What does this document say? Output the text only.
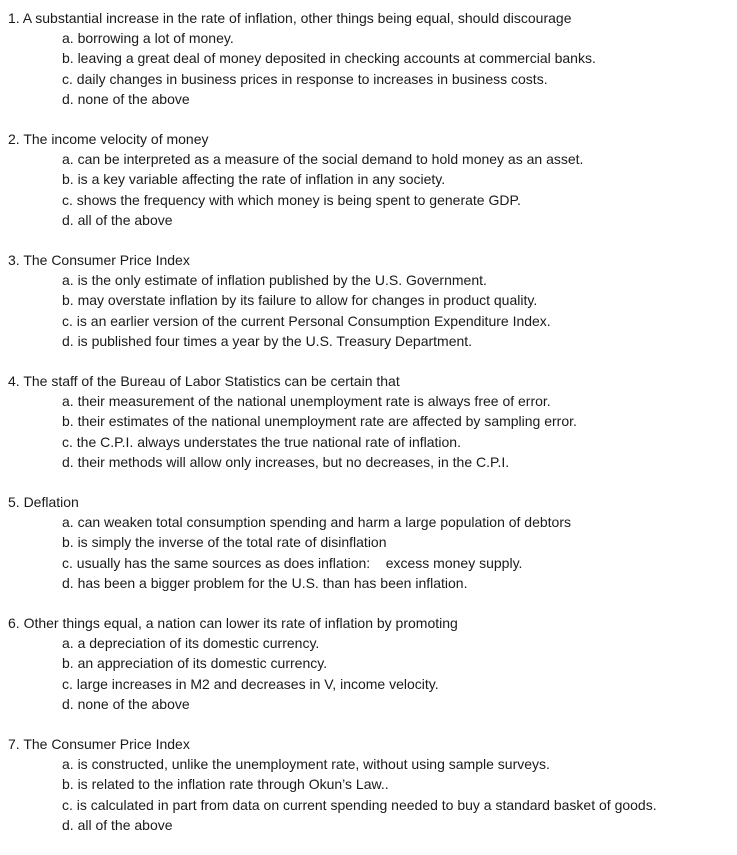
1. A substantial increase in the rate of inflation, other things being equal, should discourage
a. borrowing a lot of money.
b. leaving a great deal of money deposited in checking accounts at commercial banks.
c. daily changes in business prices in response to increases in business costs.
d. none of the above
2. The income velocity of money
a. can be interpreted as a measure of the social demand to hold money as an asset.
b. is a key variable affecting the rate of inflation in any society.
c. shows the frequency with which money is being spent to generate GDP.
d. all of the above
3. The Consumer Price Index
a. is the only estimate of inflation published by the U.S. Government.
b. may overstate inflation by its failure to allow for changes in product quality.
c. is an earlier version of the current Personal Consumption Expenditure Index.
d. is published four times a year by the U.S. Treasury Department.
4. The staff of the Bureau of Labor Statistics can be certain that
a. their measurement of the national unemployment rate is always free of error.
b. their estimates of the national unemployment rate are affected by sampling error.
c. the C.P.I. always understates the true national rate of inflation.
d. their methods will allow only increases, but no decreases, in the C.P.I.
5. Deflation
a. can weaken total consumption spending and harm a large population of debtors
b. is simply the inverse of the total rate of disinflation
c. usually has the same sources as does inflation:    excess money supply.
d. has been a bigger problem for the U.S. than has been inflation.
6. Other things equal, a nation can lower its rate of inflation by promoting
a. a depreciation of its domestic currency.
b. an appreciation of its domestic currency.
c. large increases in M2 and decreases in V, income velocity.
d. none of the above
7. The Consumer Price Index
a. is constructed, unlike the unemployment rate, without using sample surveys.
b. is related to the inflation rate through Okun’s Law..
c. is calculated in part from data on current spending needed to buy a standard basket of goods.
d. all of the above
